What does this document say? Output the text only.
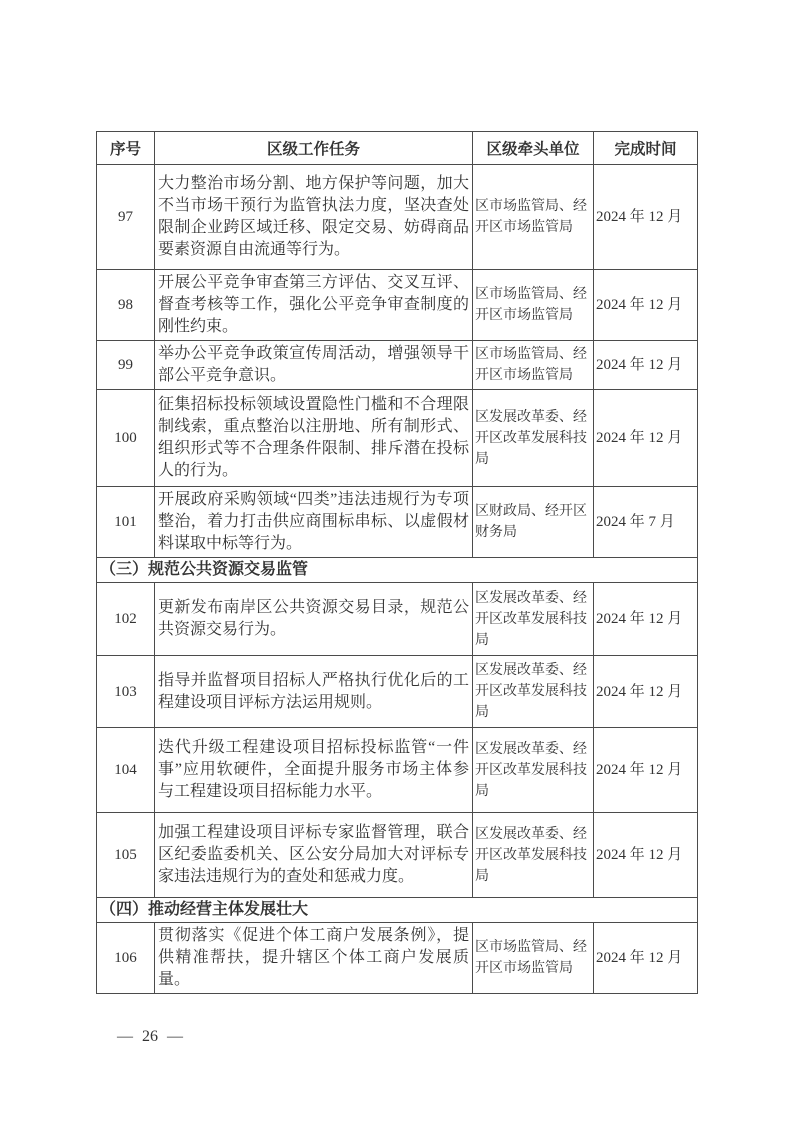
序号	区级工作任务	区级牵头单位	完成时间
97	大力整治市场分割、地方保护等问题，加大不当市场干预行为监管执法力度，坚决查处限制企业跨区域迁移、限定交易、妨碍商品要素资源自由流通等行为。	区市场监管局、经开区市场监管局	2024 年 12 月
98	开展公平竞争审查第三方评估、交叉互评、督查考核等工作，强化公平竞争审查制度的刚性约束。	区市场监管局、经开区市场监管局	2024 年 12 月
99	举办公平竞争政策宣传周活动，增强领导干部公平竞争意识。	区市场监管局、经开区市场监管局	2024 年 12 月
100	征集招标投标领域设置隐性门槛和不合理限制线索，重点整治以注册地、所有制形式、组织形式等不合理条件限制、排斥潜在投标人的行为。	区发展改革委、经开区改革发展科技局	2024 年 12 月
101	开展政府采购领域“四类”违法违规行为专项整治，着力打击供应商围标串标、以虚假材料谋取中标等行为。	区财政局、经开区财务局	2024 年 7 月
（三）规范公共资源交易监管			
102	更新发布南岸区公共资源交易目录，规范公共资源交易行为。	区发展改革委、经开区改革发展科技局	2024 年 12 月
103	指导并监督项目招标人严格执行优化后的工程建设项目评标方法运用规则。	区发展改革委、经开区改革发展科技局	2024 年 12 月
104	迭代升级工程建设项目招标投标监管“一件事”应用软硬件，全面提升服务市场主体参与工程建设项目招标能力水平。	区发展改革委、经开区改革发展科技局	2024 年 12 月
105	加强工程建设项目评标专家监督管理，联合区纪委监委机关、区公安分局加大对评标专家违法违规行为的查处和惩戒力度。	区发展改革委、经开区改革发展科技局	2024 年 12 月
（四）推动经营主体发展壮大			
106	贯彻落实《促进个体工商户发展条例》，提供精准帮扶，提升辖区个体工商户发展质量。	区市场监管局、经开区市场监管局	2024 年 12 月
— 26 —
